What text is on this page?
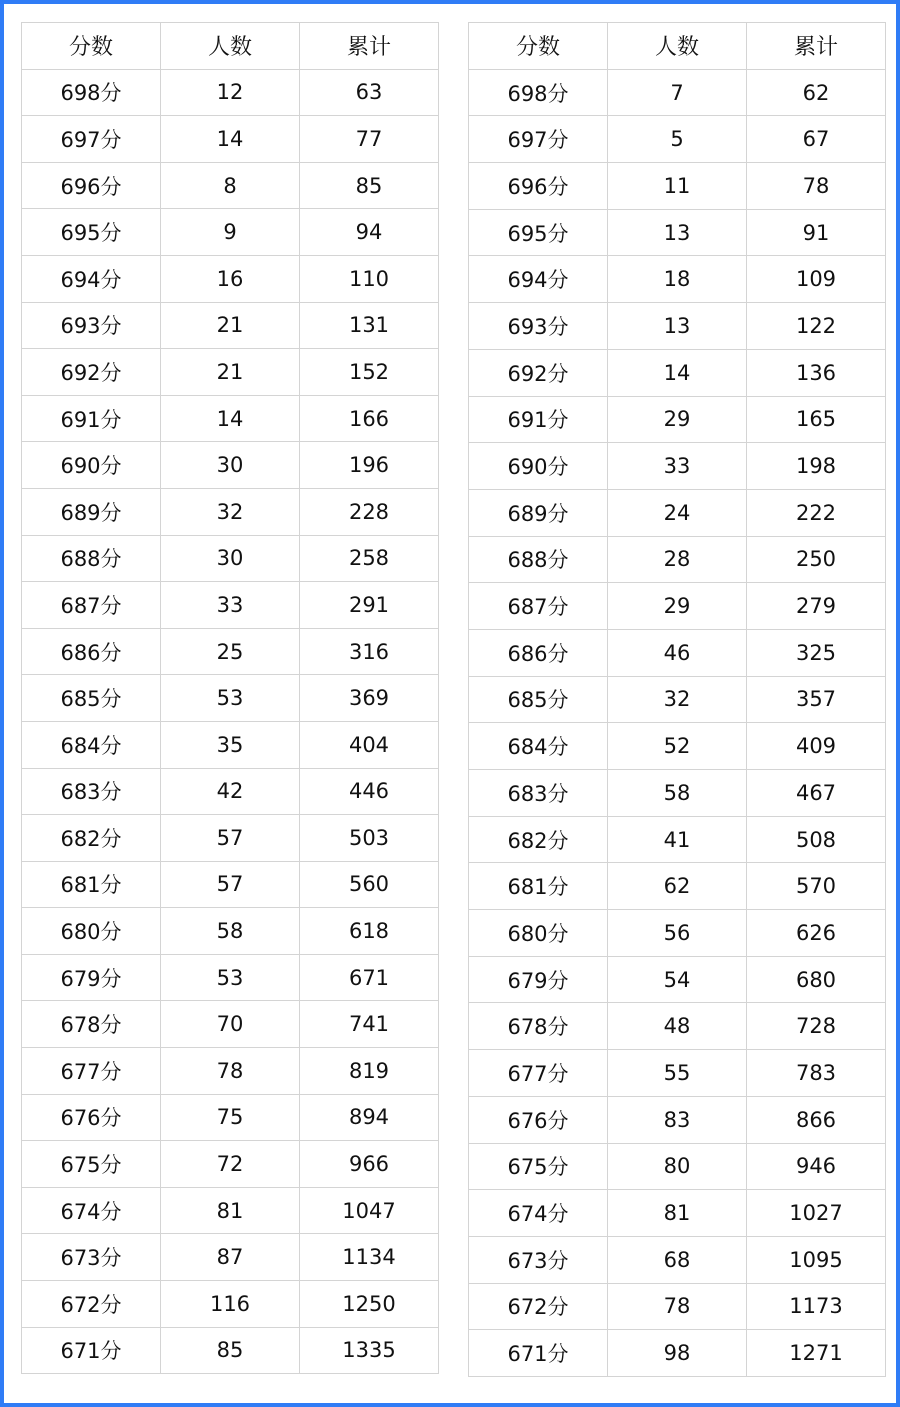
分数	人数	累计
698分	12	63
697分	14	77
696分	8	85
695分	9	94
694分	16	110
693分	21	131
692分	21	152
691分	14	166
690分	30	196
689分	32	228
688分	30	258
687分	33	291
686分	25	316
685分	53	369
684分	35	404
683分	42	446
682分	57	503
681分	57	560
680分	58	618
679分	53	671
678分	70	741
677分	78	819
676分	75	894
675分	72	966
674分	81	1047
673分	87	1134
672分	116	1250
671分	85	1335
分数	人数	累计
698分	7	62
697分	5	67
696分	11	78
695分	13	91
694分	18	109
693分	13	122
692分	14	136
691分	29	165
690分	33	198
689分	24	222
688分	28	250
687分	29	279
686分	46	325
685分	32	357
684分	52	409
683分	58	467
682分	41	508
681分	62	570
680分	56	626
679分	54	680
678分	48	728
677分	55	783
676分	83	866
675分	80	946
674分	81	1027
673分	68	1095
672分	78	1173
671分	98	1271
